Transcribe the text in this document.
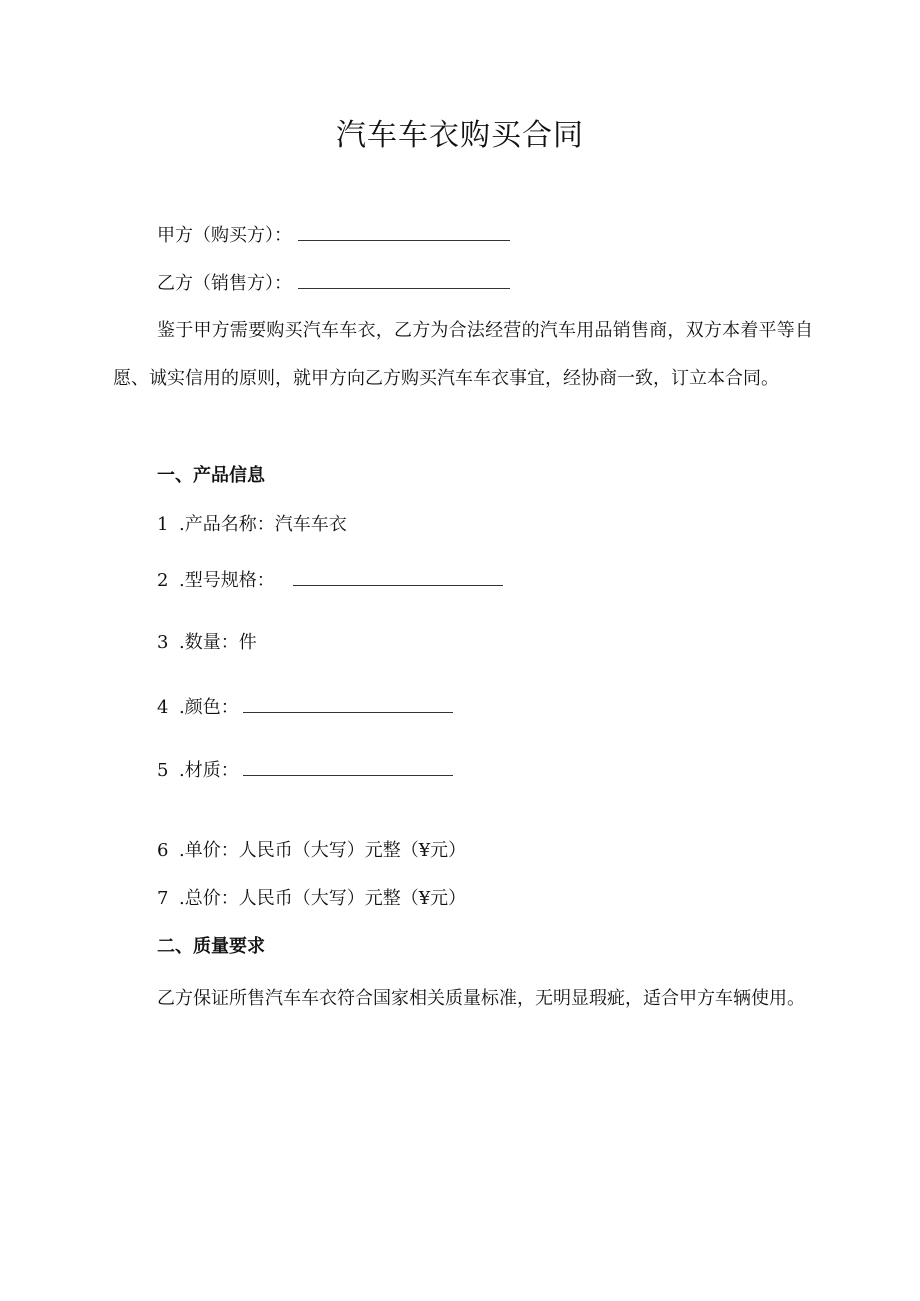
汽车车衣购买合同
甲方（购买方）：
乙方（销售方）：

鉴于甲方需要购买汽车车衣，乙方为合法经营的汽车用品销售商，双方本着平等自愿、诚实信用的原则，就甲方向乙方购买汽车车衣事宜，经协商一致，订立本合同。

一、产品信息
1 .产品名称：汽车车衣
2 .型号规格：
3 .数量：件
4 .颜色：
5 .材质：
6 .单价：人民币（大写）元整（¥元）
7 .总价：人民币（大写）元整（¥元）
二、质量要求

乙方保证所售汽车车衣符合国家相关质量标准，无明显瑕疵，适合甲方车辆使用。
